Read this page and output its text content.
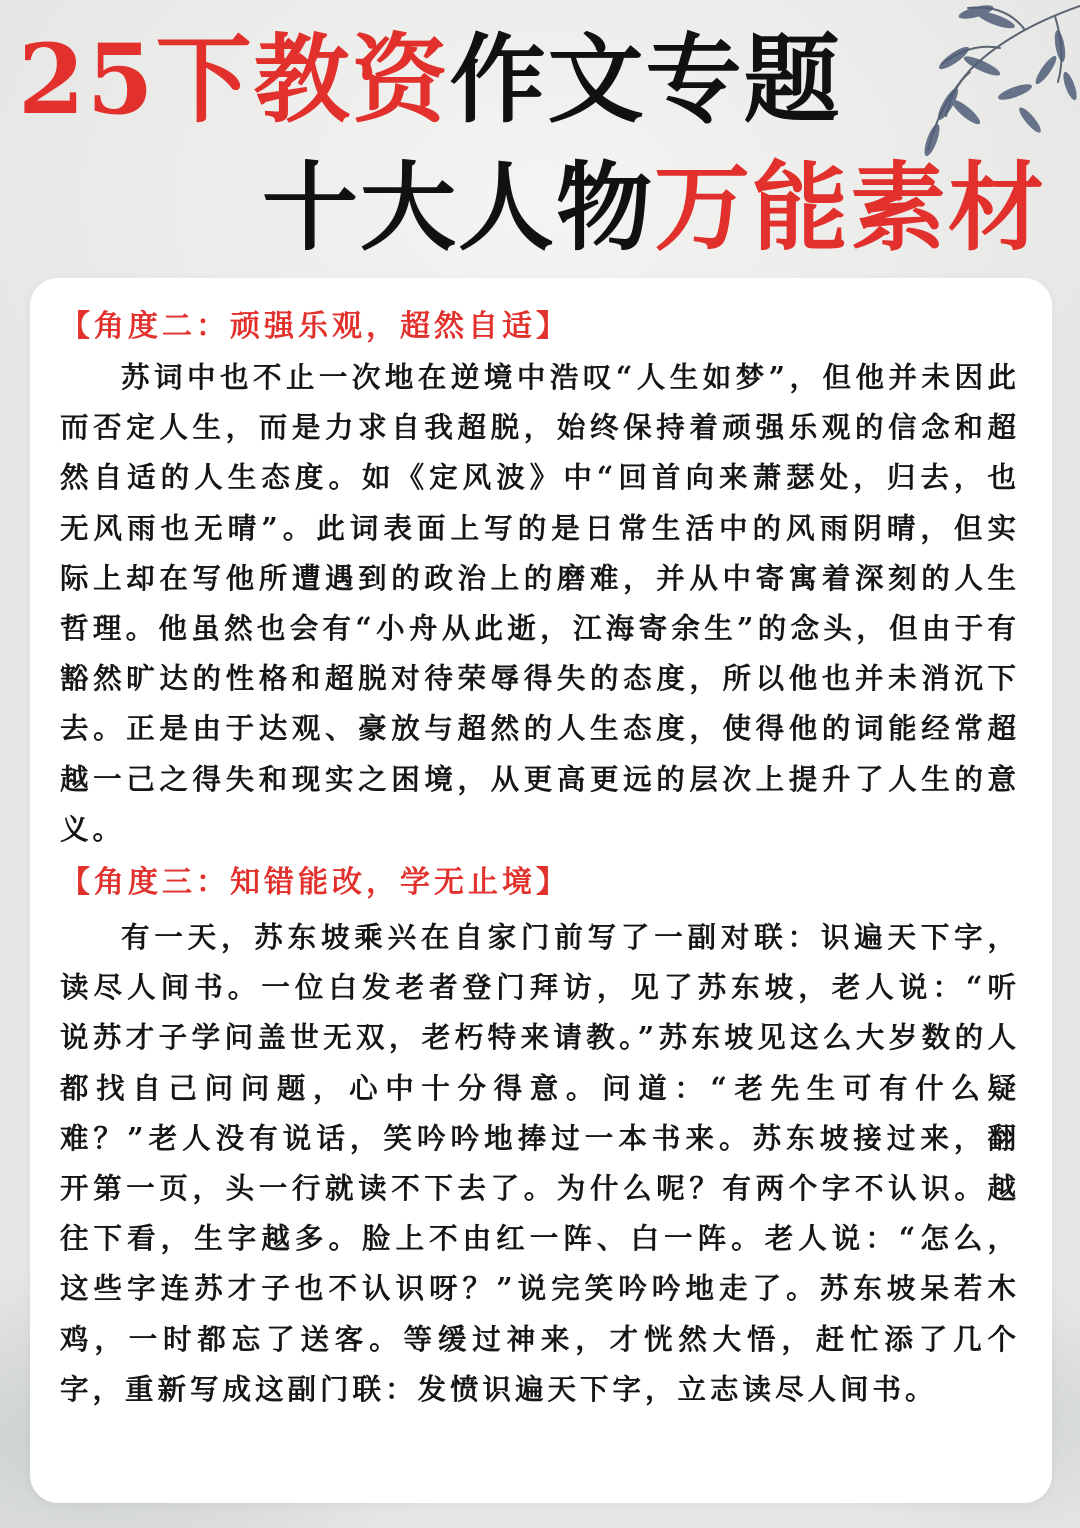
25下教资作文专题
十大人物万能素材
【角度二：顽强乐观，超然自适】

苏词中也不止一次地在逆境中浩叹“人生如梦”，但他并未因此而否定人生，而是力求自我超脱，始终保持着顽强乐观的信念和超然自适的人生态度。如《定风波》中“回首向来萧瑟处，归去，也无风雨也无晴”。此词表面上写的是日常生活中的风雨阴晴，但实际上却在写他所遭遇到的政治上的磨难，并从中寄寓着深刻的人生哲理。他虽然也会有“小舟从此逝，江海寄余生”的念头，但由于有豁然旷达的性格和超脱对待荣辱得失的态度，所以他也并未消沉下去。正是由于达观、豪放与超然的人生态度，使得他的词能经常超越一己之得失和现实之困境，从更高更远的层次上提升了人生的意义。

【角度三：知错能改，学无止境】

有一天，苏东坡乘兴在自家门前写了一副对联：识遍天下字，读尽人间书。一位白发老者登门拜访，见了苏东坡，老人说：“听说苏才子学问盖世无双，老朽特来请教。”苏东坡见这么大岁数的人都找自己问问题，心中十分得意。问道：“老先生可有什么疑难？”老人没有说话，笑吟吟地捧过一本书来。苏东坡接过来，翻开第一页，头一行就读不下去了。为什么呢？有两个字不认识。越往下看，生字越多。脸上不由红一阵、白一阵。老人说：“怎么，这些字连苏才子也不认识呀？”说完笑吟吟地走了。苏东坡呆若木鸡，一时都忘了送客。等缓过神来，才恍然大悟，赶忙添了几个字，重新写成这副门联：发愤识遍天下字，立志读尽人间书。
